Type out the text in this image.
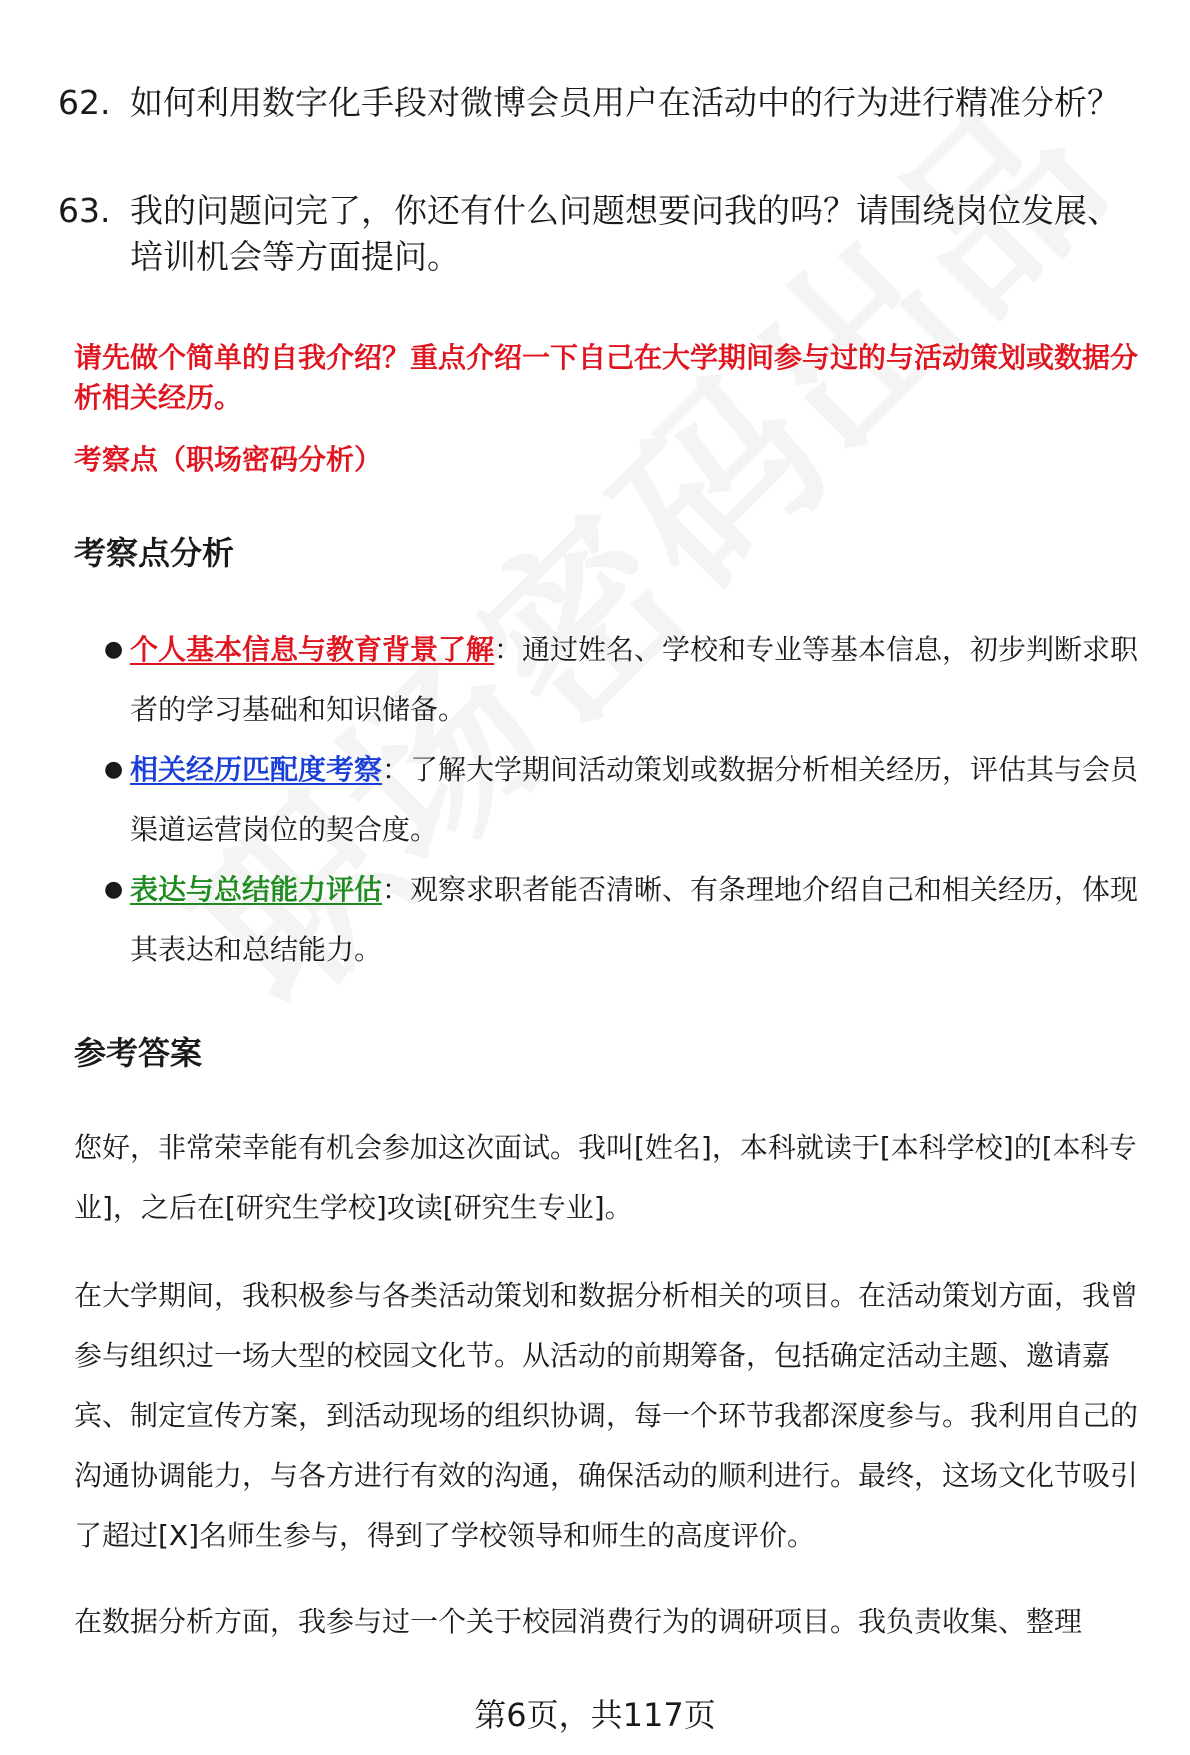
62. 如何利用数字化手段对微博会员用户在活动中的行为进行精准分析？
63. 我的问题问完了，你还有什么问题想要问我的吗？请围绕岗位发展、培训机会等方面提问。
请先做个简单的自我介绍？重点介绍一下自己在大学期间参与过的与活动策划或数据分析相关经历。
考察点（职场密码分析）
考察点分析
● 个人基本信息与教育背景了解：通过姓名、学校和专业等基本信息，初步判断求职者的学习基础和知识储备。
● 相关经历匹配度考察：了解大学期间活动策划或数据分析相关经历，评估其与会员渠道运营岗位的契合度。
● 表达与总结能力评估：观察求职者能否清晰、有条理地介绍自己和相关经历，体现其表达和总结能力。
参考答案
您好，非常荣幸能有机会参加这次面试。我叫[姓名]，本科就读于[本科学校]的[本科专业]，之后在[研究生学校]攻读[研究生专业]。
在大学期间，我积极参与各类活动策划和数据分析相关的项目。在活动策划方面，我曾参与组织过一场大型的校园文化节。从活动的前期筹备，包括确定活动主题、邀请嘉宾、制定宣传方案，到活动现场的组织协调，每一个环节我都深度参与。我利用自己的沟通协调能力，与各方进行有效的沟通，确保活动的顺利进行。最终，这场文化节吸引了超过[X]名师生参与，得到了学校领导和师生的高度评价。
在数据分析方面，我参与过一个关于校园消费行为的调研项目。我负责收集、整理
第6页，共117页
